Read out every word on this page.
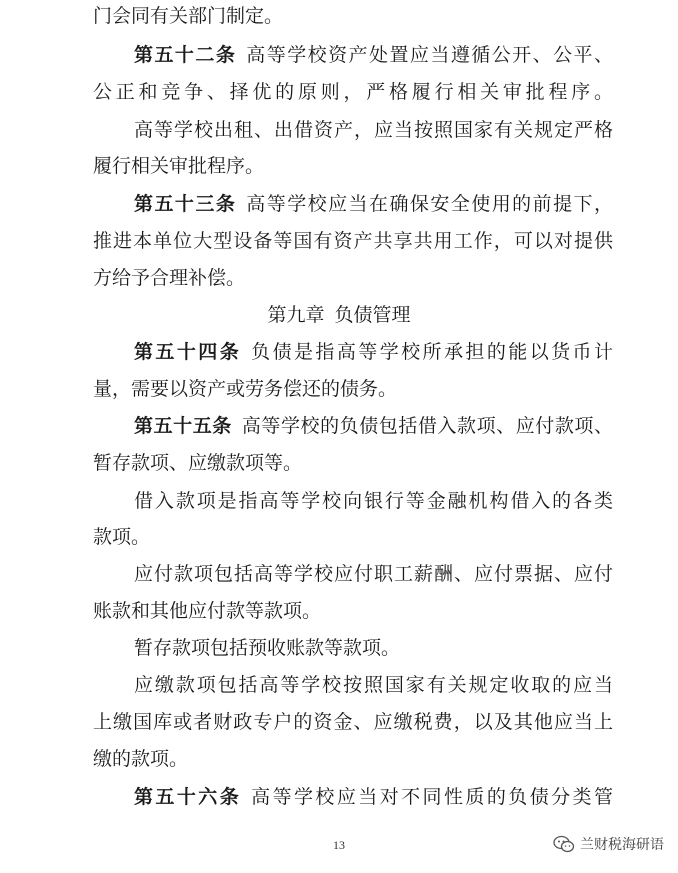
门会同有关部门制定。
第五十二条 高等学校资产处置应当遵循公开、公平、
公正和竞争、择优的原则，严格履行相关审批程序。
高等学校出租、出借资产，应当按照国家有关规定严格
履行相关审批程序。
第五十三条 高等学校应当在确保安全使用的前提下，
推进本单位大型设备等国有资产共享共用工作，可以对提供
方给予合理补偿。
第九章 负债管理
第五十四条 负债是指高等学校所承担的能以货币计
量，需要以资产或劳务偿还的债务。
第五十五条 高等学校的负债包括借入款项、应付款项、
暂存款项、应缴款项等。
借入款项是指高等学校向银行等金融机构借入的各类
款项。
应付款项包括高等学校应付职工薪酬、应付票据、应付
账款和其他应付款等款项。
暂存款项包括预收账款等款项。
应缴款项包括高等学校按照国家有关规定收取的应当
上缴国库或者财政专户的资金、应缴税费，以及其他应当上
缴的款项。
第五十六条 高等学校应当对不同性质的负债分类管
13	兰财税海研语
